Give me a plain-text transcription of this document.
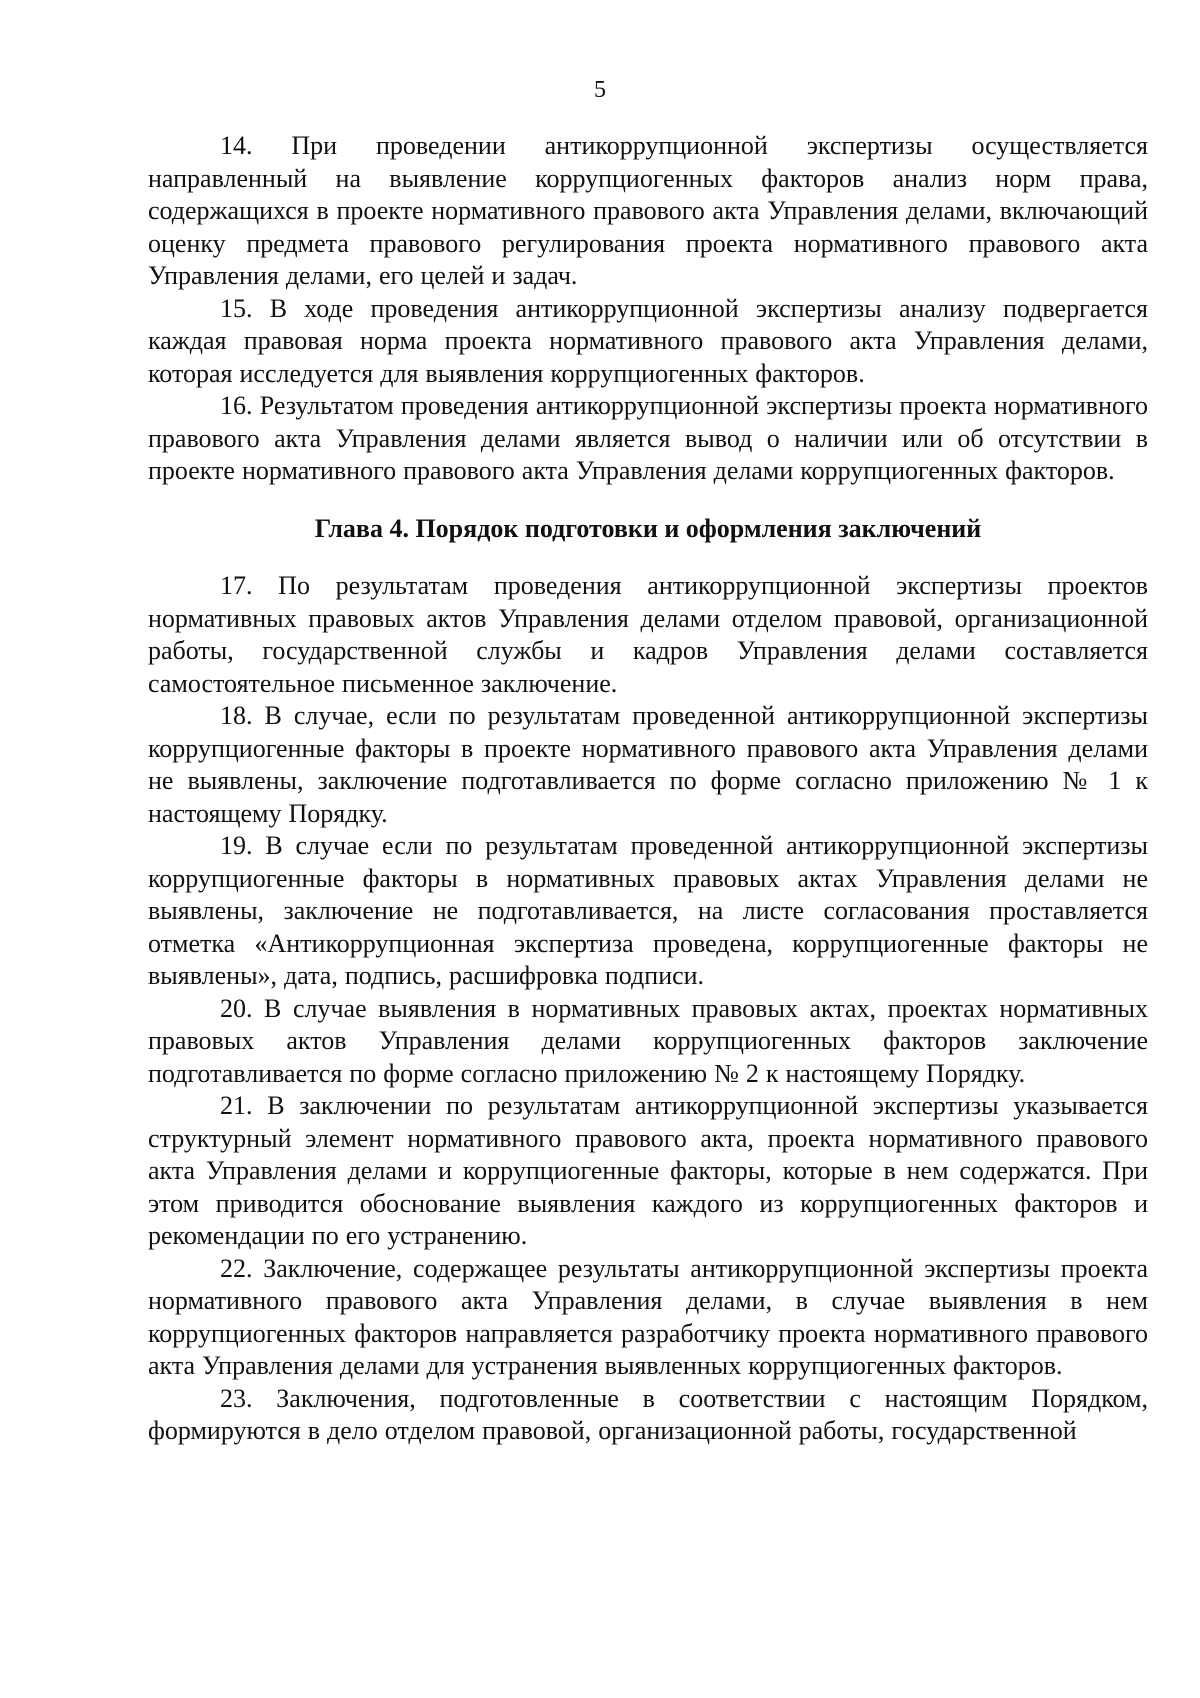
5

14. При проведении антикоррупционной экспертизы осуществляется направленный на выявление коррупциогенных факторов анализ норм права, содержащихся в проекте нормативного правового акта Управления делами, включающий оценку предмета правового регулирования проекта нормативного правового акта Управления делами, его целей и задач.

15. В ходе проведения антикоррупционной экспертизы анализу подвергается каждая правовая норма проекта нормативного правового акта Управления делами, которая исследуется для выявления коррупциогенных факторов.

16. Результатом проведения антикоррупционной экспертизы проекта нормативного правового акта Управления делами является вывод о наличии или об отсутствии в проекте нормативного правового акта Управления делами коррупциогенных факторов.

Глава 4. Порядок подготовки и оформления заключений

17. По результатам проведения антикоррупционной экспертизы проектов нормативных правовых актов Управления делами отделом правовой, организационной работы, государственной службы и кадров Управления делами составляется самостоятельное письменное заключение.

18. В случае, если по результатам проведенной антикоррупционной экспертизы коррупциогенные факторы в проекте нормативного правового акта Управления делами не выявлены, заключение подготавливается по форме согласно приложению № 1 к настоящему Порядку.

19. В случае если по результатам проведенной антикоррупционной экспертизы коррупциогенные факторы в нормативных правовых актах Управления делами не выявлены, заключение не подготавливается, на листе согласования проставляется отметка «Антикоррупционная экспертиза проведена, коррупциогенные факторы не выявлены», дата, подпись, расшифровка подписи.

20. В случае выявления в нормативных правовых актах, проектах нормативных правовых актов Управления делами коррупциогенных факторов заключение подготавливается по форме согласно приложению № 2 к настоящему Порядку.

21. В заключении по результатам антикоррупционной экспертизы указывается структурный элемент нормативного правового акта, проекта нормативного правового акта Управления делами и коррупциогенные факторы, которые в нем содержатся. При этом приводится обоснование выявления каждого из коррупциогенных факторов и рекомендации по его устранению.

22. Заключение, содержащее результаты антикоррупционной экспертизы проекта нормативного правового акта Управления делами, в случае выявления в нем коррупциогенных факторов направляется разработчику проекта нормативного правового акта Управления делами для устранения выявленных коррупциогенных факторов.

23. Заключения, подготовленные в соответствии с настоящим Порядком, формируются в дело отделом правовой, организационной работы, государственной
